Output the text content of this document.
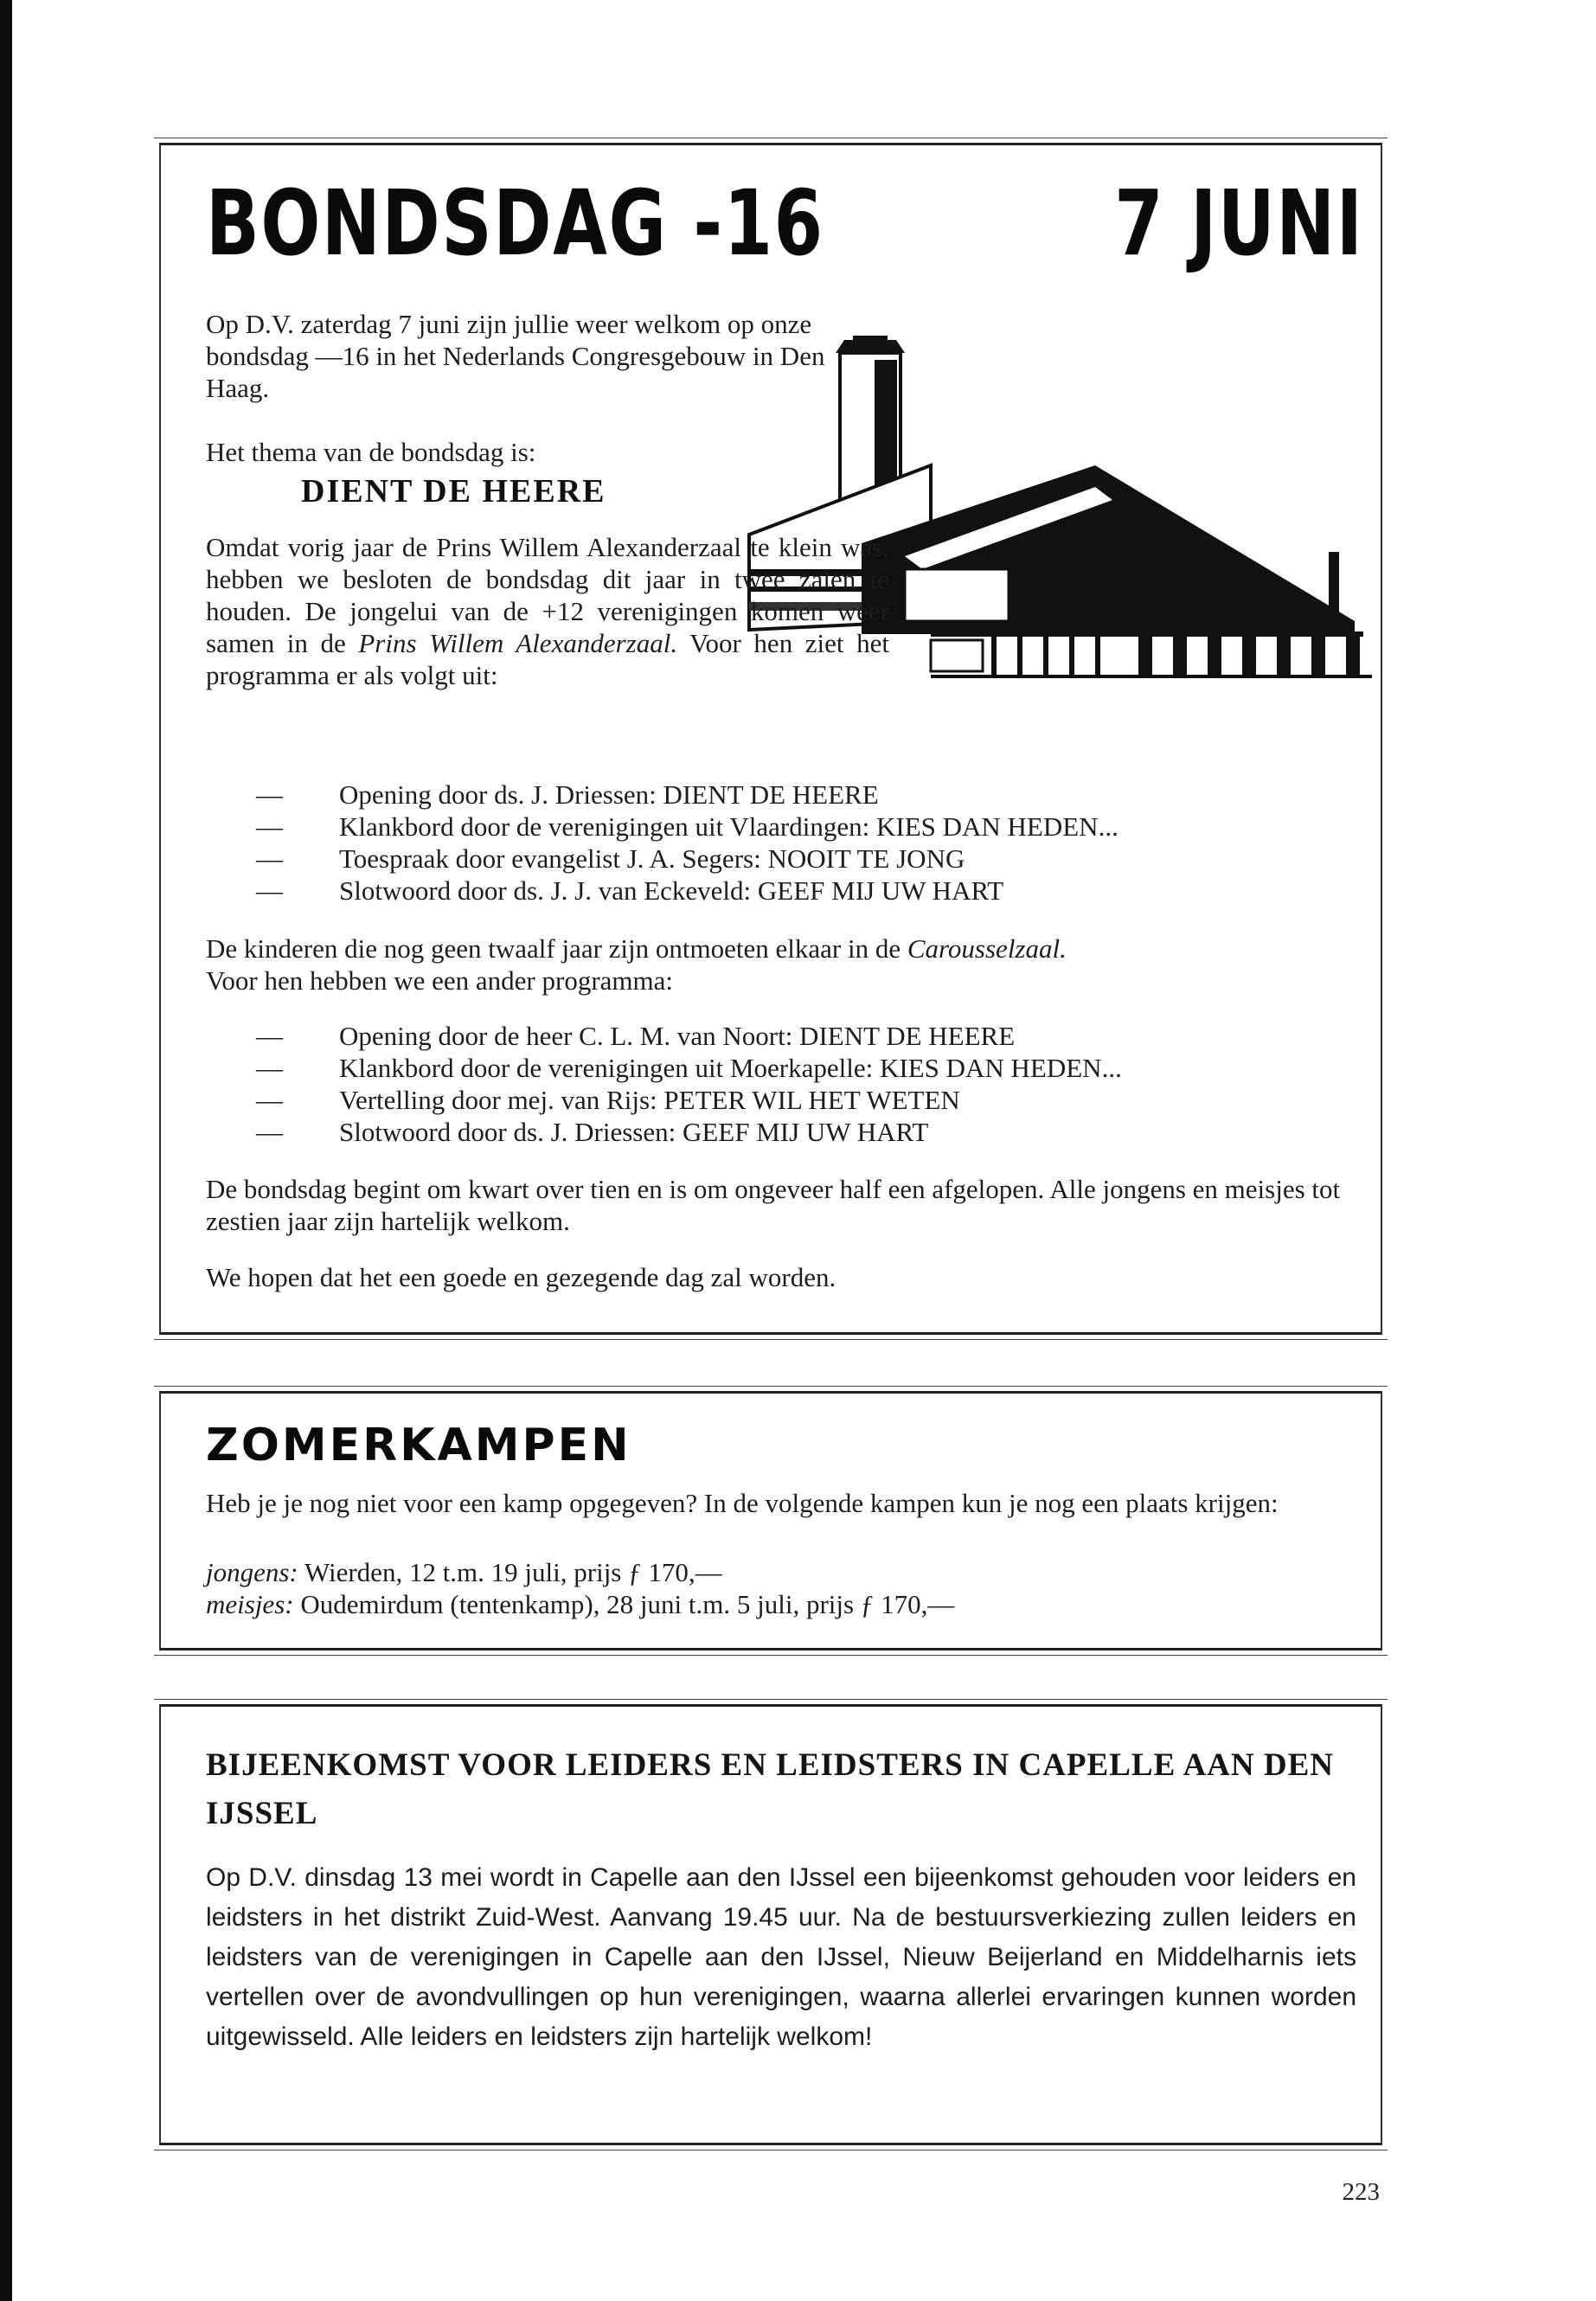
BONDSDAG -16	7 JUNI

Op D.V. zaterdag 7 juni zijn jullie weer welkom op onze bondsdag —16 in het Nederlands Congresgebouw in Den Haag.

Het thema van de bondsdag is:

DIENT DE HEERE

Omdat vorig jaar de Prins Willem Alexanderzaal te klein was, hebben we besloten de bondsdag dit jaar in twee zalen te houden. De jongelui van de +12 verenigingen komen weer samen in de Prins Willem Alexanderzaal. Voor hen ziet het programma er als volgt uit:

— Opening door ds. J. Driessen: DIENT DE HEERE
— Klankbord door de verenigingen uit Vlaardingen: KIES DAN HEDEN...
— Toespraak door evangelist J. A. Segers: NOOIT TE JONG
— Slotwoord door ds. J. J. van Eckeveld: GEEF MIJ UW HART

De kinderen die nog geen twaalf jaar zijn ontmoeten elkaar in de Carousselzaal.
Voor hen hebben we een ander programma:

— Opening door de heer C. L. M. van Noort: DIENT DE HEERE
— Klankbord door de verenigingen uit Moerkapelle: KIES DAN HEDEN...
— Vertelling door mej. van Rijs: PETER WIL HET WETEN
— Slotwoord door ds. J. Driessen: GEEF MIJ UW HART

De bondsdag begint om kwart over tien en is om ongeveer half een afgelopen. Alle jongens en meisjes tot zestien jaar zijn hartelijk welkom.

We hopen dat het een goede en gezegende dag zal worden.

ZOMERKAMPEN

Heb je je nog niet voor een kamp opgegeven? In de volgende kampen kun je nog een plaats krijgen:

jongens: Wierden, 12 t.m. 19 juli, prijs ƒ 170,—

meisjes: Oudemirdum (tentenkamp), 28 juni t.m. 5 juli, prijs ƒ 170,—

BIJEENKOMST VOOR LEIDERS EN LEIDSTERS IN CAPELLE AAN DEN IJSSEL

Op D.V. dinsdag 13 mei wordt in Capelle aan den IJssel een bijeenkomst gehouden voor leiders en leidsters in het distrikt Zuid-West. Aanvang 19.45 uur. Na de bestuursverkiezing zullen leiders en leidsters van de verenigingen in Capelle aan den IJssel, Nieuw Beijerland en Middelharnis iets vertellen over de avondvullingen op hun verenigingen, waarna allerlei ervaringen kunnen worden uitgewisseld. Alle leiders en leidsters zijn hartelijk welkom!

223
